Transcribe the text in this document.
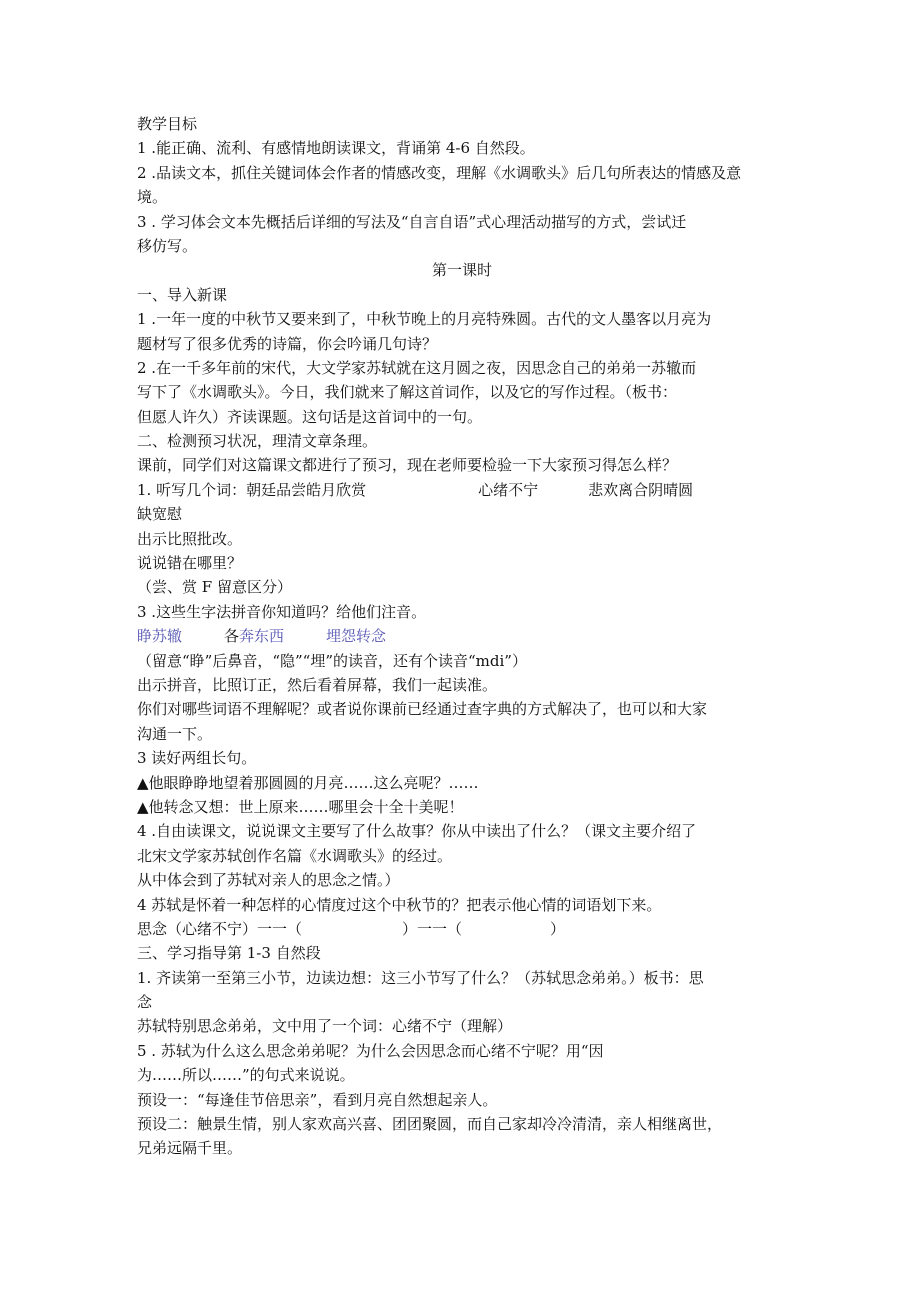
教学目标
1 .能正确、流利、有感情地朗读课文，背诵第 4-6 自然段。
2 .品读文本，抓住关键词体会作者的情感改变，理解《水调歌头》后几句所表达的情感及意
境。
3 . 学习体会文本先概括后详细的写法及“自言自语”式心理活动描写的方式，尝试迁
移仿写。
第一课时
一、导入新课
1 .一年一度的中秋节又要来到了，中秋节晚上的月亮特殊圆。古代的文人墨客以月亮为
题材写了很多优秀的诗篇，你会吟诵几句诗？
2 .在一千多年前的宋代，大文学家苏轼就在这月圆之夜，因思念自己的弟弟一苏辙而
写下了《水调歌头》。今日，我们就来了解这首词作，以及它的写作过程。（板书：
但愿人许久）齐读课题。这句话是这首词中的一句。
二、检测预习状况，理清文章条理。
课前，同学们对这篇课文都进行了预习，现在老师要检验一下大家预习得怎么样？
1. 听写几个词：朝廷品尝皓月欣赏	心绪不宁	悲欢离合阴晴圆
缺宽慰
出示比照批改。
说说错在哪里？
（尝、赏 F 留意区分）
3 .这些生字法拼音你知道吗？给他们注音。
睁苏辙	各奔东西	埋怨转念
（留意“睁”后鼻音，“隐”“埋”的读音，还有个读音“mdi”）
出示拼音，比照订正，然后看着屏幕，我们一起读准。
你们对哪些词语不理解呢？或者说你课前已经通过查字典的方式解决了，也可以和大家
沟通一下。
3 读好两组长句。
▲他眼睁睁地望着那圆圆的月亮……这么亮呢？……
▲他转念又想：世上原来……哪里会十全十美呢！
4 .自由读课文，说说课文主要写了什么故事？你从中读出了什么？（课文主要介绍了
北宋文学家苏轼创作名篇《水调歌头》的经过。
从中体会到了苏轼对亲人的思念之情。）
4 苏轼是怀着一种怎样的心情度过这个中秋节的？把表示他心情的词语划下来。
思念（心绪不宁）一一（	）一一（	）
三、学习指导第 1-3 自然段
1. 齐读第一至第三小节，边读边想：这三小节写了什么？（苏轼思念弟弟。）板书：思
念
苏轼特别思念弟弟，文中用了一个词：心绪不宁（理解）
5 . 苏轼为什么这么思念弟弟呢？为什么会因思念而心绪不宁呢？用“因
为……所以……”的句式来说说。
预设一：“每逢佳节倍思亲”，看到月亮自然想起亲人。
预设二：触景生情，别人家欢高兴喜、团团聚圆，而自己家却冷冷清清，亲人相继离世，
兄弟远隔千里。
